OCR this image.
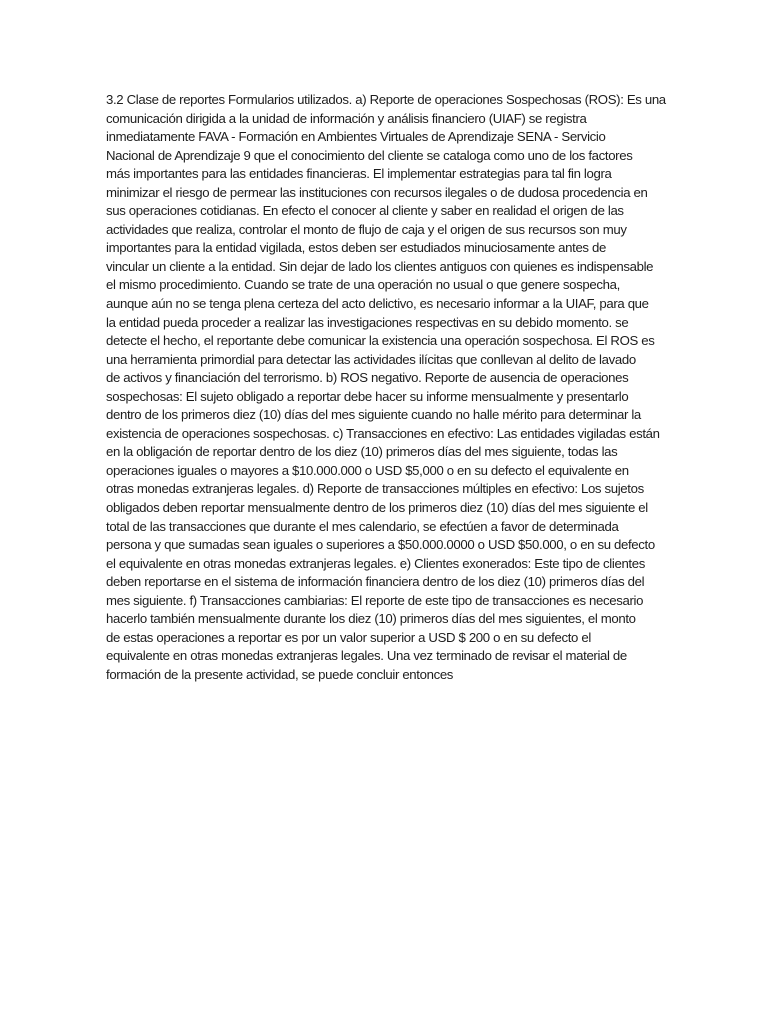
3.2 Clase de reportes Formularios utilizados. a) Reporte de operaciones Sospechosas (ROS): Es una
comunicación dirigida a la unidad de información y análisis financiero (UIAF) se registra
inmediatamente FAVA - Formación en Ambientes Virtuales de Aprendizaje SENA - Servicio
Nacional de Aprendizaje 9 que el conocimiento del cliente se cataloga como uno de los factores
más importantes para las entidades financieras. El implementar estrategias para tal fin logra
minimizar el riesgo de permear las instituciones con recursos ilegales o de dudosa procedencia en
sus operaciones cotidianas. En efecto el conocer al cliente y saber en realidad el origen de las
actividades que realiza, controlar el monto de flujo de caja y el origen de sus recursos son muy
importantes para la entidad vigilada, estos deben ser estudiados minuciosamente antes de
vincular un cliente a la entidad. Sin dejar de lado los clientes antiguos con quienes es indispensable
el mismo procedimiento. Cuando se trate de una operación no usual o que genere sospecha,
aunque aún no se tenga plena certeza del acto delictivo, es necesario informar a la UIAF, para que
la entidad pueda proceder a realizar las investigaciones respectivas en su debido momento. se
detecte el hecho, el reportante debe comunicar la existencia una operación sospechosa. El ROS es
una herramienta primordial para detectar las actividades ilícitas que conllevan al delito de lavado
de activos y financiación del terrorismo. b) ROS negativo. Reporte de ausencia de operaciones
sospechosas: El sujeto obligado a reportar debe hacer su informe mensualmente y presentarlo
dentro de los primeros diez (10) días del mes siguiente cuando no halle mérito para determinar la
existencia de operaciones sospechosas. c) Transacciones en efectivo: Las entidades vigiladas están
en la obligación de reportar dentro de los diez (10) primeros días del mes siguiente, todas las
operaciones iguales o mayores a $10.000.000 o USD $5,000 o en su defecto el equivalente en
otras monedas extranjeras legales. d) Reporte de transacciones múltiples en efectivo: Los sujetos
obligados deben reportar mensualmente dentro de los primeros diez (10) días del mes siguiente el
total de las transacciones que durante el mes calendario, se efectúen a favor de determinada
persona y que sumadas sean iguales o superiores a $50.000.0000 o USD $50.000, o en su defecto
el equivalente en otras monedas extranjeras legales. e) Clientes exonerados: Este tipo de clientes
deben reportarse en el sistema de información financiera dentro de los diez (10) primeros días del
mes siguiente. f) Transacciones cambiarias: El reporte de este tipo de transacciones es necesario
hacerlo también mensualmente durante los diez (10) primeros días del mes siguientes, el monto
de estas operaciones a reportar es por un valor superior a USD $ 200 o en su defecto el
equivalente en otras monedas extranjeras legales. Una vez terminado de revisar el material de
formación de la presente actividad, se puede concluir entonces
